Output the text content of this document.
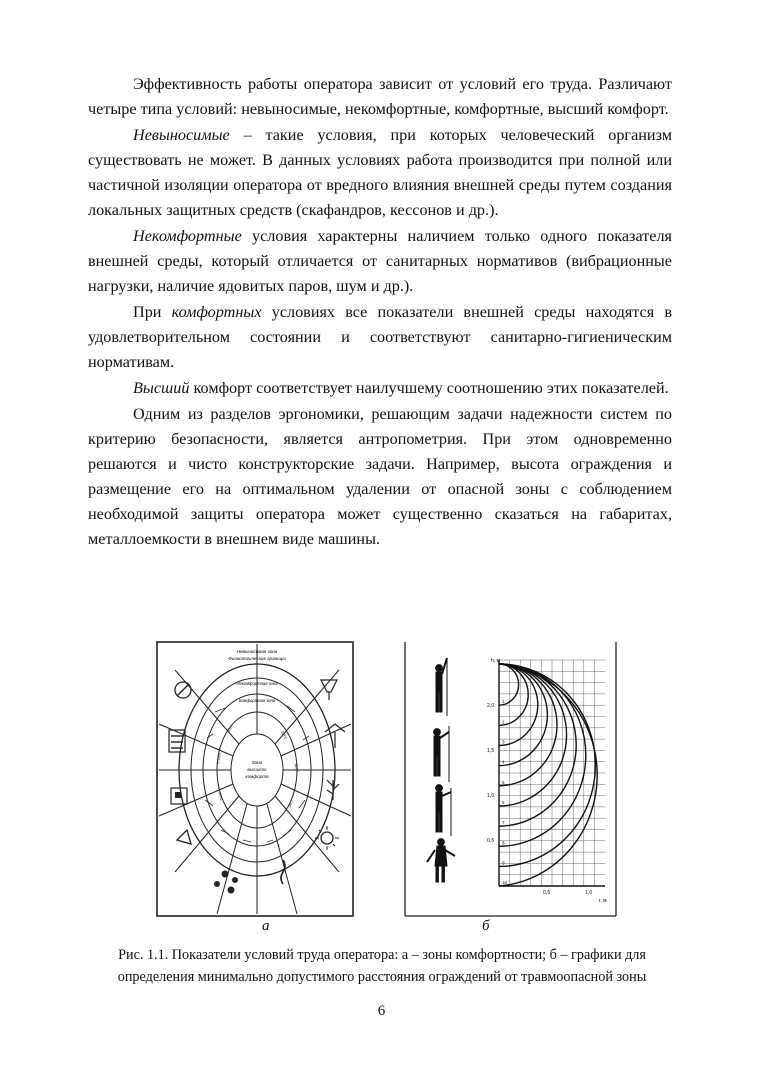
Эффективность работы оператора зависит от условий его труда. Различают четыре типа условий: невыносимые, некомфортные, комфортные, высший комфорт.

Невыносимые – такие условия, при которых человеческий организм существовать не может. В данных условиях работа производится при полной или частичной изоляции оператора от вредного влияния внешней среды путем создания локальных защитных средств (скафандров, кессонов и др.).

Некомфортные условия характерны наличием только одного показателя внешней среды, который отличается от санитарных нормативов (вибрационные нагрузки, наличие ядовитых паров, шум и др.).

При комфортных условиях все показатели внешней среды находятся в удовлетворительном состоянии и соответствуют санитарно-гигиеническим нормативам.

Высший комфорт соответствует наилучшему соотношению этих показателей.

Одним из разделов эргономики, решающим задачи надежности систем по критерию безопасности, является антропометрия. При этом одновременно решаются и чисто конструкторские задачи. Например, высота ограждения и размещение его на оптимальном удалении от опасной зоны с соблюдением необходимой защиты оператора может существенно сказаться на габаритах, металлоемкости в внешнем виде машины.

Невыносимая зона
Физиологические границы
Некомфортная зона
Комфортная зона
Зона
высшего
комфорта
Шум
Вибр.
Влажн.
Давл.
Темп.
Свет
h, м
r, м
2,0
1,5
1,0
0,5
0,5	1,0
1
2
3
4
5
6
7
8
9
10
а	б
Рис. 1.1. Показатели условий труда оператора: а – зоны комфортности; б – графики для определения минимально допустимого расстояния ограждений от травмоопасной зоны
6
